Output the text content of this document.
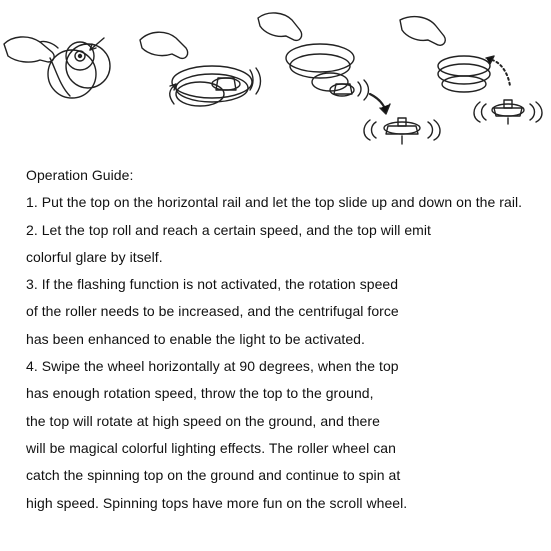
Operation Guide:
1. Put the top on the horizontal rail and let the top slide up and down on the rail.
2. Let the top roll and reach a certain speed, and the top will emit
colorful glare by itself.
3. If the flashing function is not activated, the rotation speed
of the roller needs to be increased, and the centrifugal force
has been enhanced to enable the light to be activated.
4. Swipe the wheel horizontally at 90 degrees, when the top
has enough rotation speed, throw the top to the ground,
the top will rotate at high speed on the ground, and there
will be magical colorful lighting effects. The roller wheel can
catch the spinning top on the ground and continue to spin at
high speed. Spinning tops have more fun on the scroll wheel.
